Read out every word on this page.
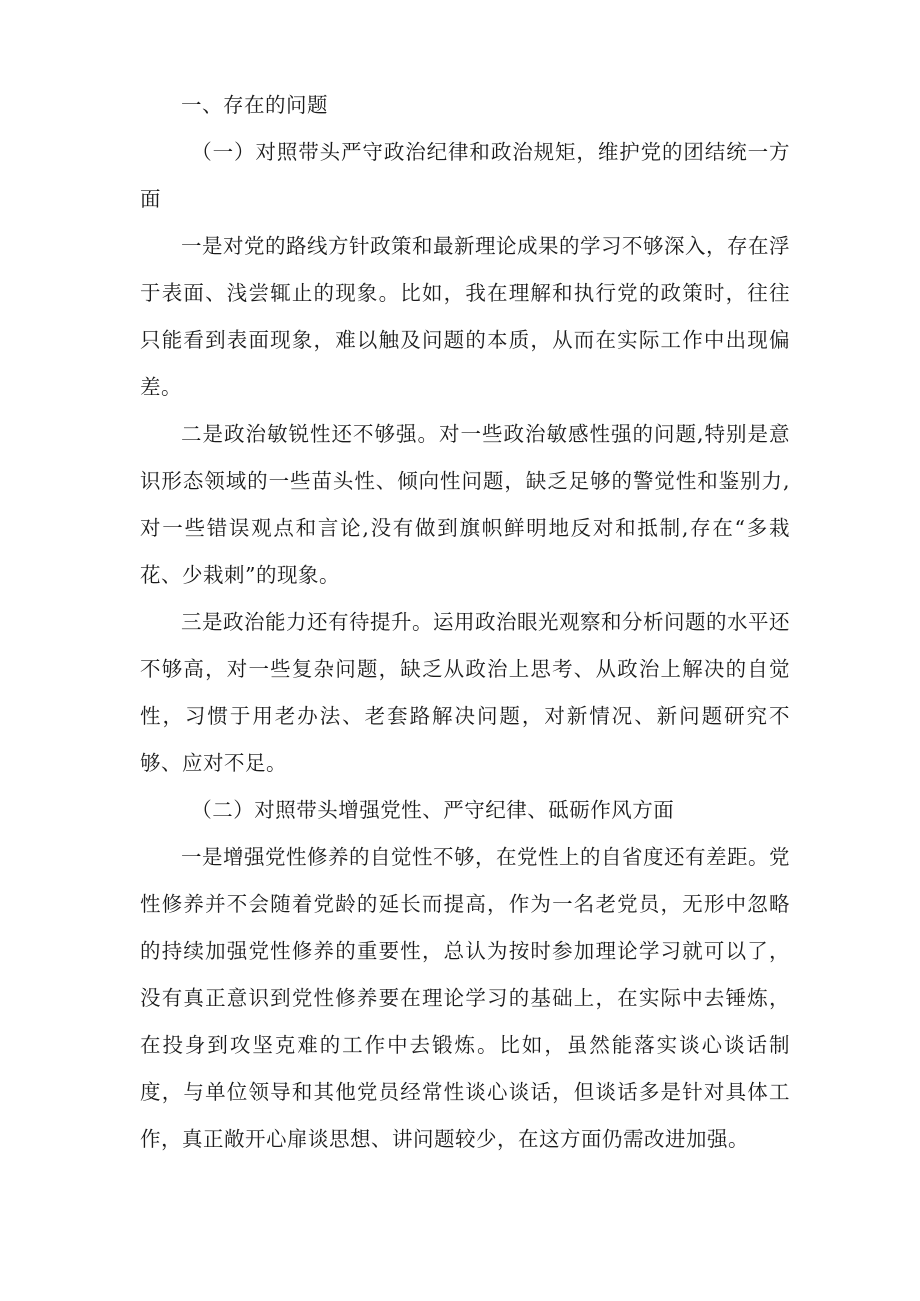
一、存在的问题

（一）对照带头严守政治纪律和政治规矩，维护党的团结统一方面

一是对党的路线方针政策和最新理论成果的学习不够深入，存在浮于表面、浅尝辄止的现象。比如，我在理解和执行党的政策时，往往只能看到表面现象，难以触及问题的本质，从而在实际工作中出现偏差。

二是政治敏锐性还不够强。对一些政治敏感性强的问题,特别是意识形态领域的一些苗头性、倾向性问题，缺乏足够的警觉性和鉴别力,对一些错误观点和言论,没有做到旗帜鲜明地反对和抵制,存在“多栽花、少栽刺”的现象。

三是政治能力还有待提升。运用政治眼光观察和分析问题的水平还不够高，对一些复杂问题，缺乏从政治上思考、从政治上解决的自觉性，习惯于用老办法、老套路解决问题，对新情况、新问题研究不够、应对不足。

（二）对照带头增强党性、严守纪律、砥砺作风方面

一是增强党性修养的自觉性不够，在党性上的自省度还有差距。党性修养并不会随着党龄的延长而提高，作为一名老党员，无形中忽略的持续加强党性修养的重要性，总认为按时参加理论学习就可以了，没有真正意识到党性修养要在理论学习的基础上，在实际中去锤炼，在投身到攻坚克难的工作中去锻炼。比如，虽然能落实谈心谈话制度，与单位领导和其他党员经常性谈心谈话，但谈话多是针对具体工作，真正敞开心扉谈思想、讲问题较少，在这方面仍需改进加强。
